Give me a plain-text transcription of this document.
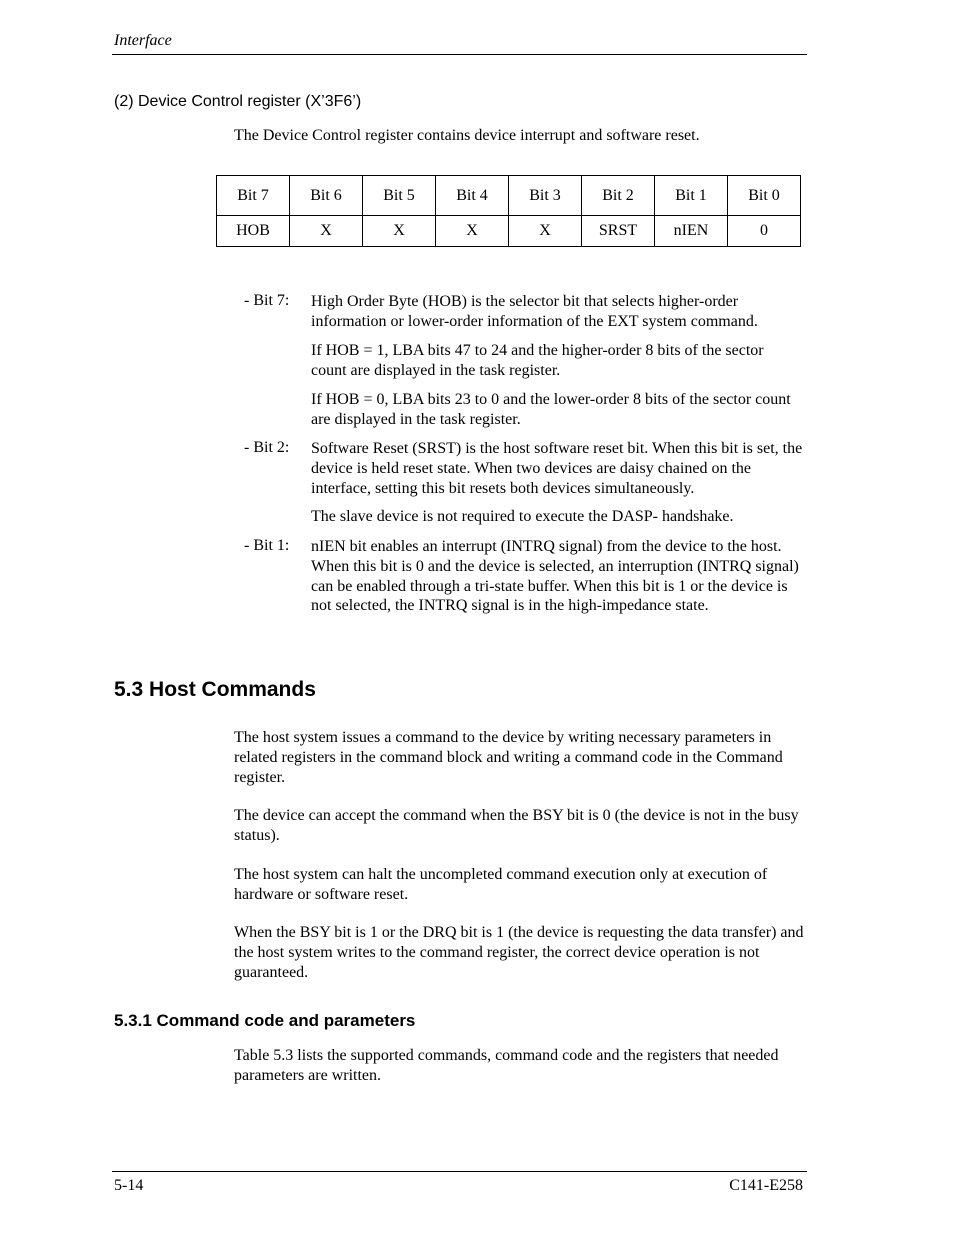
Interface
(2) Device Control register (X’3F6’)
The Device Control register contains device interrupt and software reset.
Bit 7	Bit 6	Bit 5	Bit 4	Bit 3	Bit 2	Bit 1	Bit 0
HOB	X	X	X	X	SRST	nIEN	0
- Bit 7: High Order Byte (HOB) is the selector bit that selects higher-order information or lower-order information of the EXT system command.
If HOB = 1, LBA bits 47 to 24 and the higher-order 8 bits of the sector count are displayed in the task register.
If HOB = 0, LBA bits 23 to 0 and the lower-order 8 bits of the sector count are displayed in the task register.
- Bit 2: Software Reset (SRST) is the host software reset bit. When this bit is set, the device is held reset state. When two devices are daisy chained on the interface, setting this bit resets both devices simultaneously.
The slave device is not required to execute the DASP- handshake.
- Bit 1: nIEN bit enables an interrupt (INTRQ signal) from the device to the host. When this bit is 0 and the device is selected, an interruption (INTRQ signal) can be enabled through a tri-state buffer. When this bit is 1 or the device is not selected, the INTRQ signal is in the high-impedance state.
5.3 Host Commands
The host system issues a command to the device by writing necessary parameters in related registers in the command block and writing a command code in the Command register.
The device can accept the command when the BSY bit is 0 (the device is not in the busy status).
The host system can halt the uncompleted command execution only at execution of hardware or software reset.
When the BSY bit is 1 or the DRQ bit is 1 (the device is requesting the data transfer) and the host system writes to the command register, the correct device operation is not guaranteed.
5.3.1 Command code and parameters
Table 5.3 lists the supported commands, command code and the registers that needed parameters are written.
5-14	C141-E258
